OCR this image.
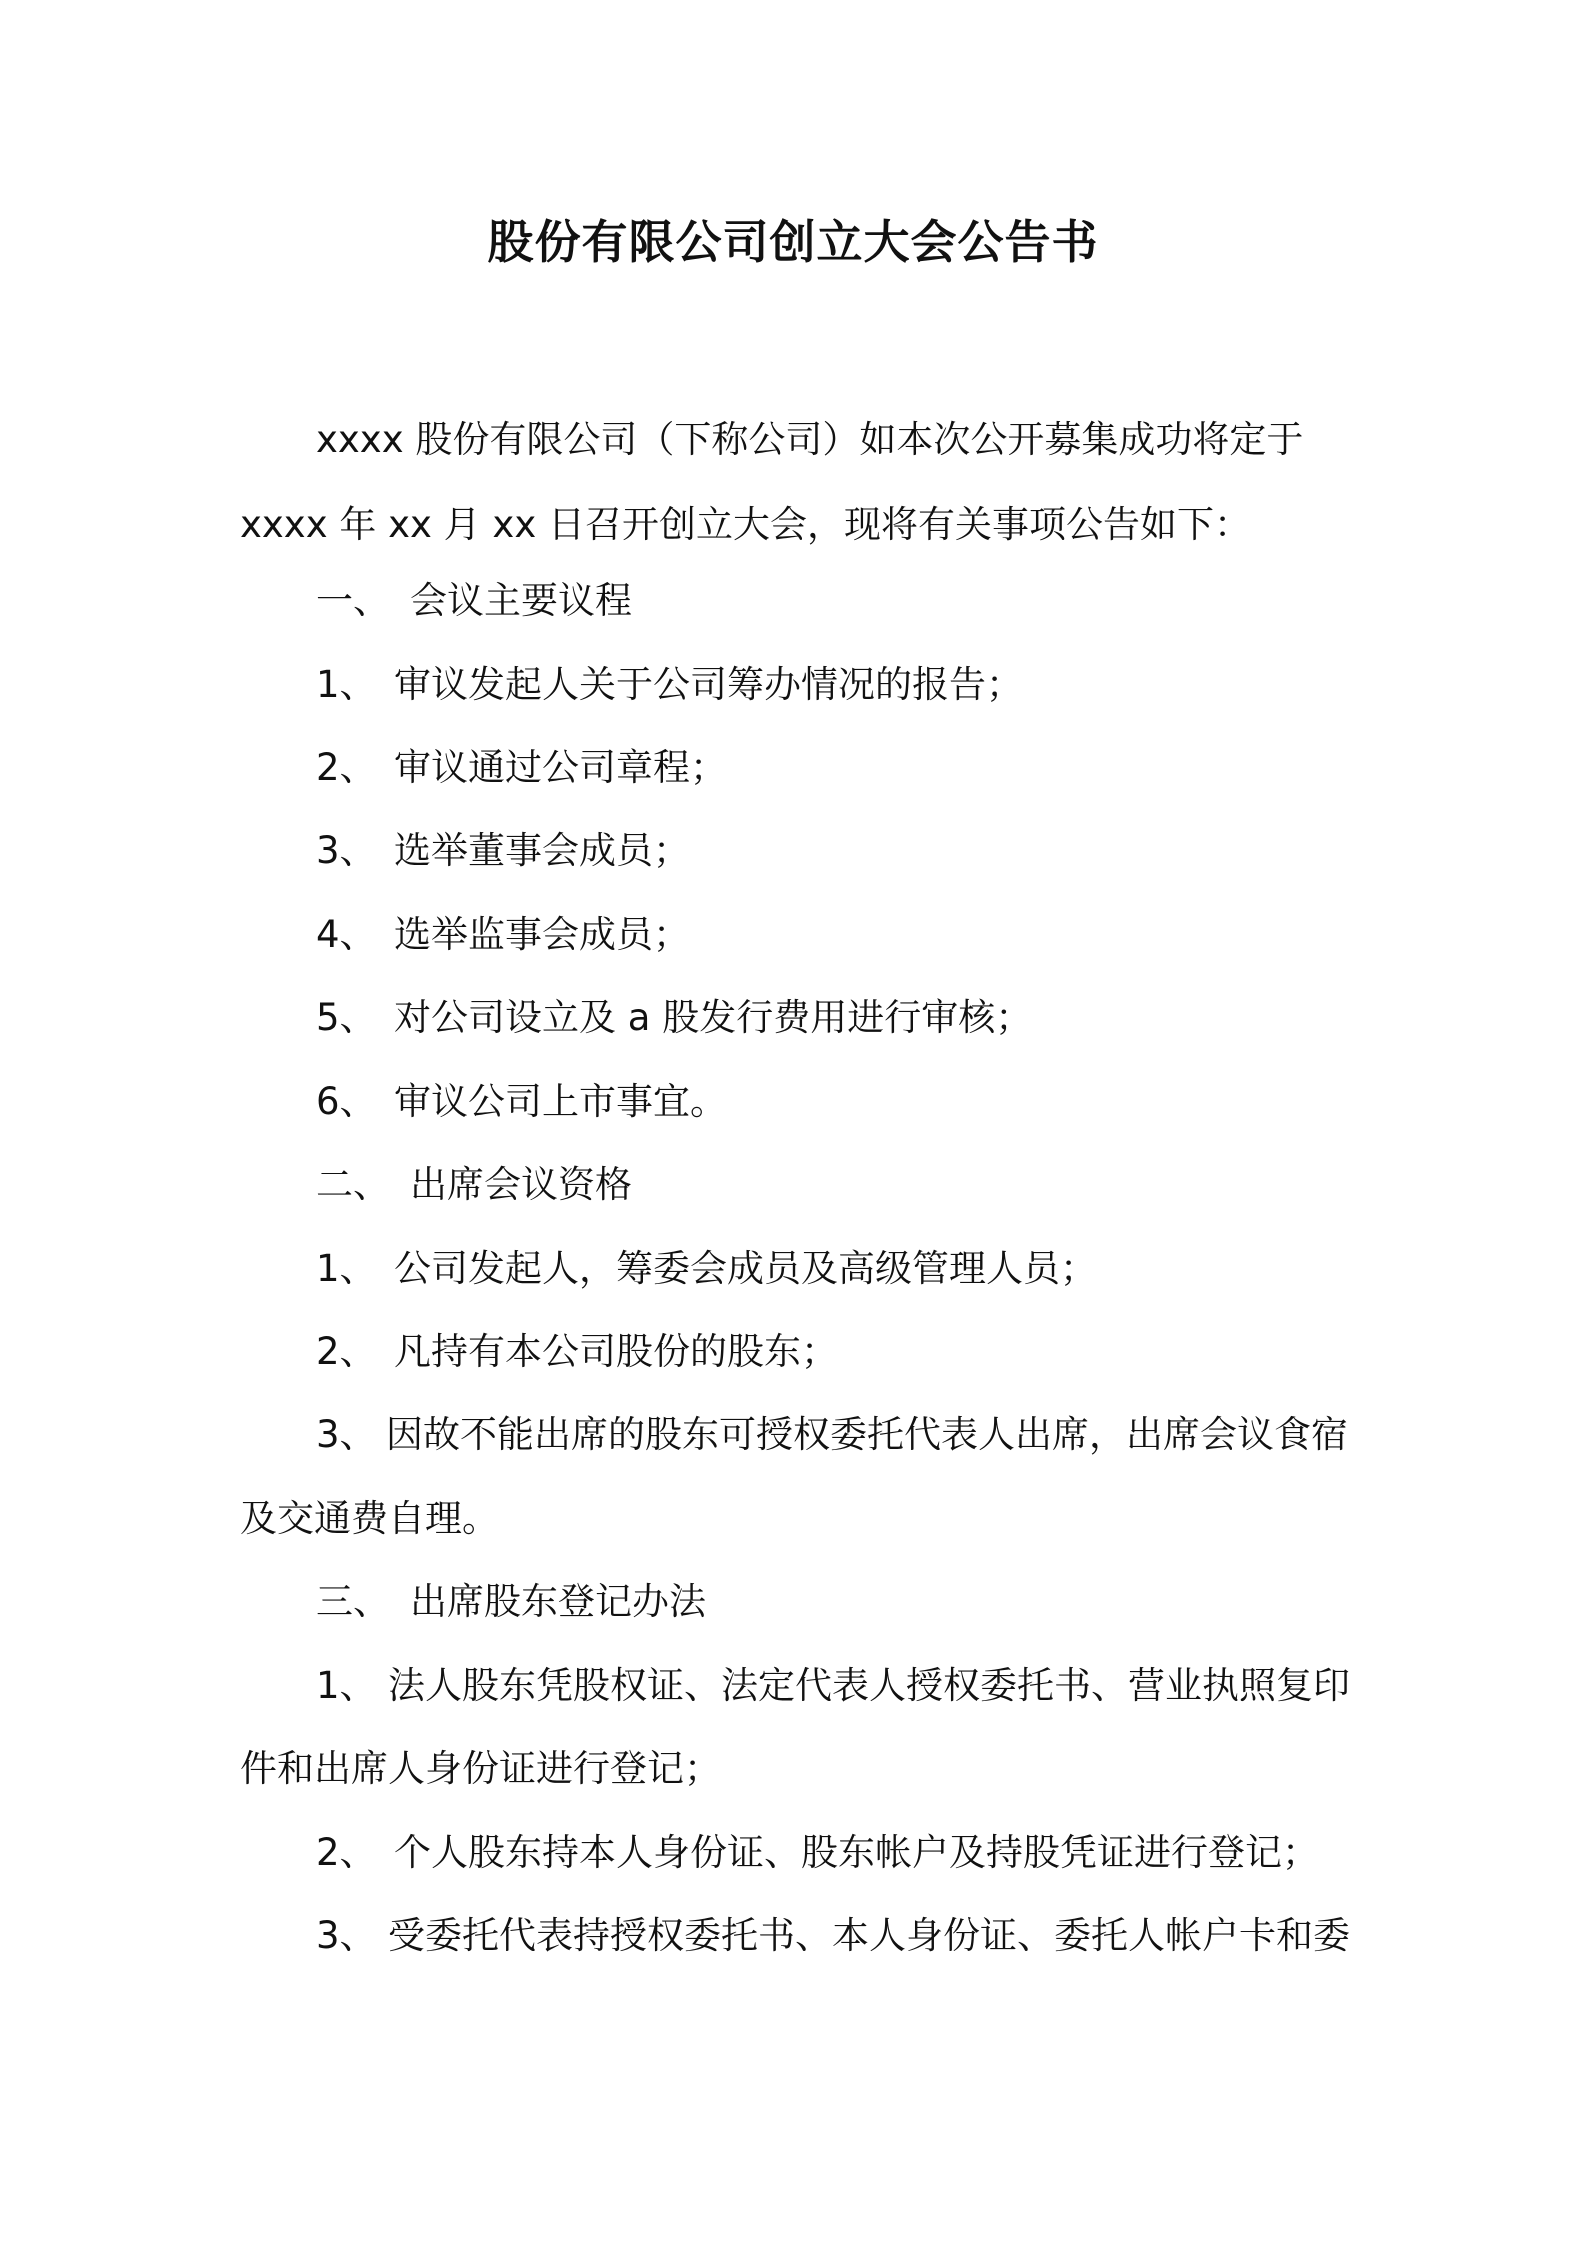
股份有限公司创立大会公告书
xxxx 股份有限公司（下称公司）如本次公开募集成功将定于
xxxx 年 xx 月 xx 日召开创立大会，现将有关事项公告如下：
一、 会议主要议程
1、 审议发起人关于公司筹办情况的报告；
2、 审议通过公司章程；
3、 选举董事会成员；
4、 选举监事会成员；
5、 对公司设立及 a 股发行费用进行审核；
6、 审议公司上市事宜。
二、 出席会议资格
1、 公司发起人，筹委会成员及高级管理人员；
2、 凡持有本公司股份的股东；
3、 因故不能出席的股东可授权委托代表人出席，出席会议食宿
及交通费自理。
三、 出席股东登记办法
1、 法人股东凭股权证、法定代表人授权委托书、营业执照复印
件和出席人身份证进行登记；
2、 个人股东持本人身份证、股东帐户及持股凭证进行登记；
3、 受委托代表持授权委托书、本人身份证、委托人帐户卡和委
